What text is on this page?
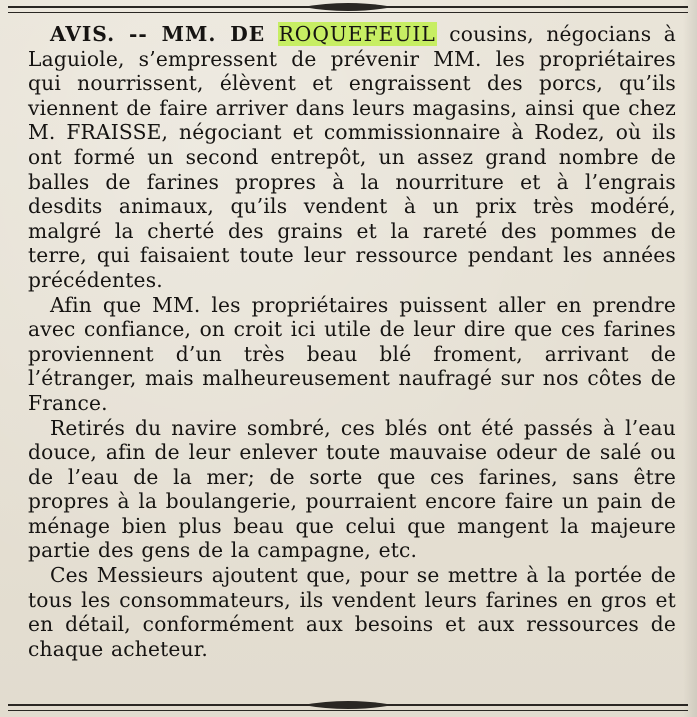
AVIS. -- MM. DE ROQUEFEUIL cousins, négocians à Laguiole, s’empressent de prévenir MM. les propriétaires qui nourrissent, élèvent et engraissent des porcs, qu’ils viennent de faire arriver dans leurs magasins, ainsi que chez M. FRAISSE, négociant et commissionnaire à Rodez, où ils ont formé un second entrepôt, un assez grand nombre de balles de farines propres à la nourriture et à l’engrais desdits animaux, qu’ils vendent à un prix très modéré, malgré la cherté des grains et la rareté des pommes de terre, qui faisaient toute leur ressource pendant les années précédentes.

Afin que MM. les propriétaires puissent aller en prendre avec confiance, on croit ici utile de leur dire que ces farines proviennent d’un très beau blé froment, arrivant de l’étranger, mais malheureusement naufragé sur nos côtes de France.

Retirés du navire sombré, ces blés ont été passés à l’eau douce, afin de leur enlever toute mauvaise odeur de salé ou de l’eau de la mer; de sorte que ces farines, sans être propres à la boulangerie, pourraient encore faire un pain de ménage bien plus beau que celui que mangent la majeure partie des gens de la campagne, etc.

Ces Messieurs ajoutent que, pour se mettre à la portée de tous les consommateurs, ils vendent leurs farines en gros et en détail, conformément aux besoins et aux ressources de chaque acheteur.
